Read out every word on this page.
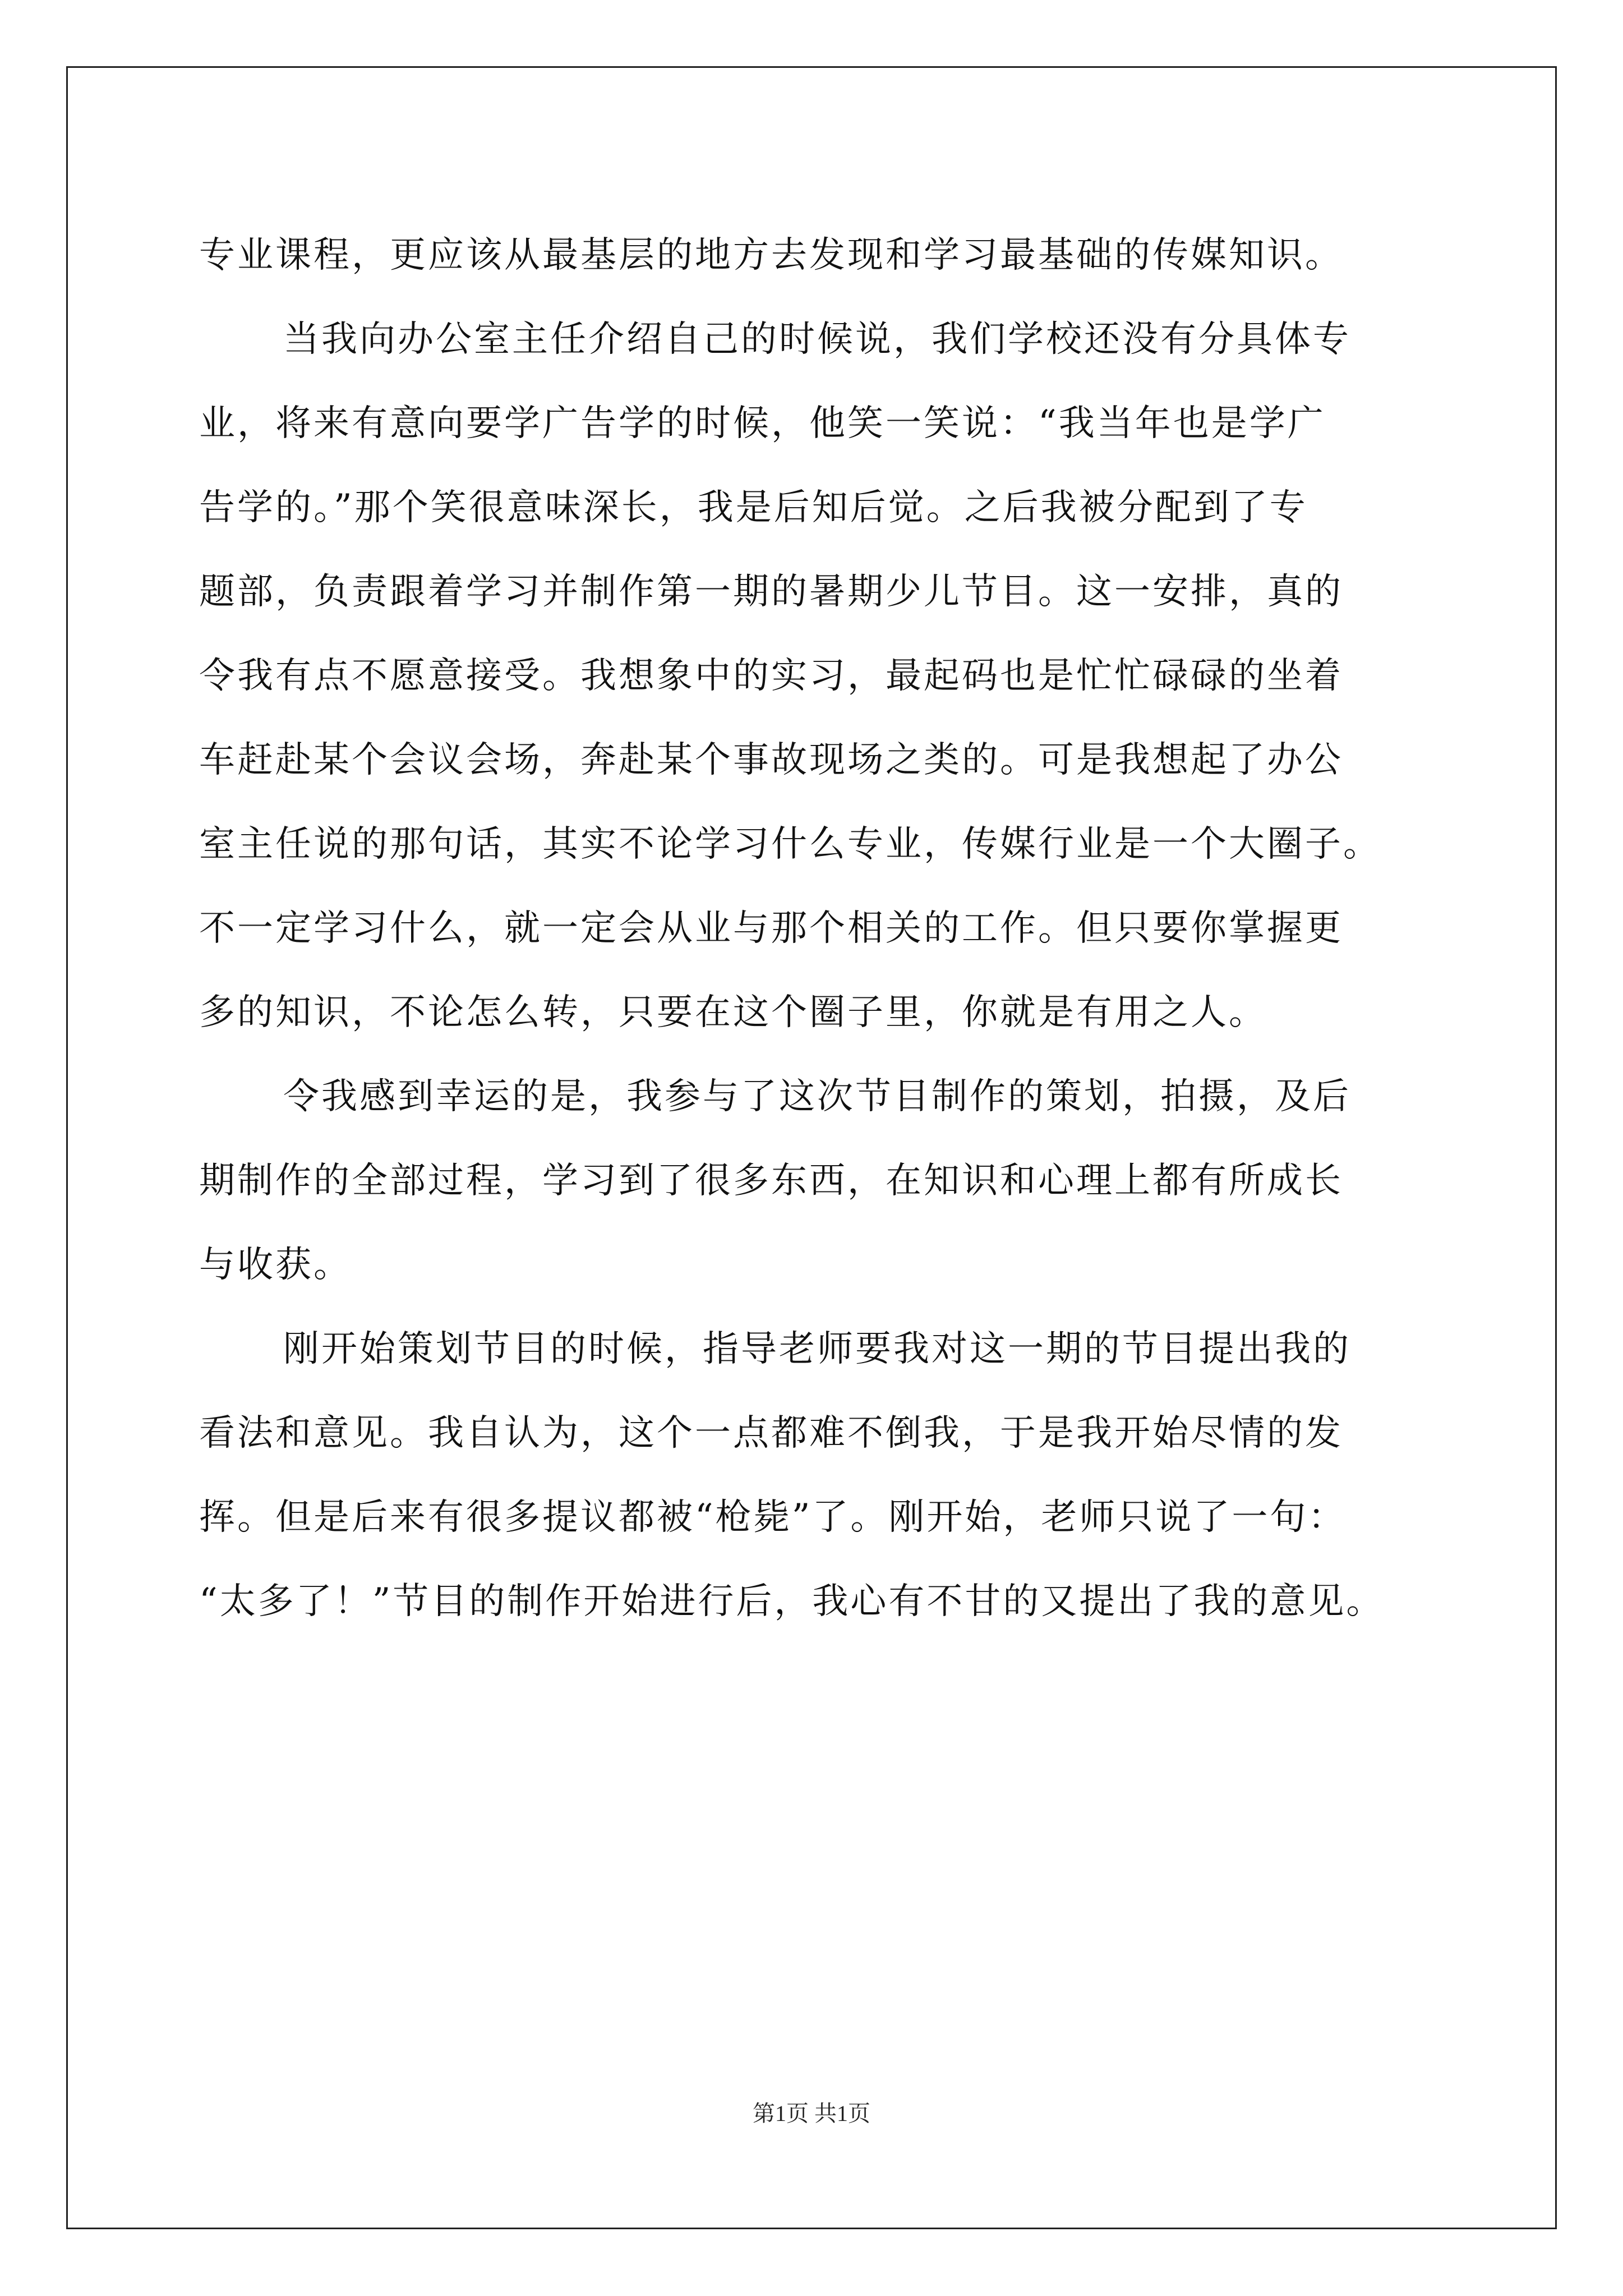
专业课程，更应该从最基层的地方去发现和学习最基础的传媒知识。
当我向办公室主任介绍自己的时候说，我们学校还没有分具体专
业，将来有意向要学广告学的时候，他笑一笑说：“我当年也是学广
告学的。”那个笑很意味深长，我是后知后觉。之后我被分配到了专
题部，负责跟着学习并制作第一期的暑期少儿节目。这一安排，真的
令我有点不愿意接受。我想象中的实习，最起码也是忙忙碌碌的坐着
车赶赴某个会议会场，奔赴某个事故现场之类的。可是我想起了办公
室主任说的那句话，其实不论学习什么专业，传媒行业是一个大圈子。
不一定学习什么，就一定会从业与那个相关的工作。但只要你掌握更
多的知识，不论怎么转，只要在这个圈子里，你就是有用之人。
令我感到幸运的是，我参与了这次节目制作的策划，拍摄，及后
期制作的全部过程，学习到了很多东西，在知识和心理上都有所成长
与收获。
刚开始策划节目的时候，指导老师要我对这一期的节目提出我的
看法和意见。我自认为，这个一点都难不倒我，于是我开始尽情的发
挥。但是后来有很多提议都被“枪毙”了。刚开始，老师只说了一句：
“太多了！”节目的制作开始进行后，我心有不甘的又提出了我的意见。
第1页 共1页
